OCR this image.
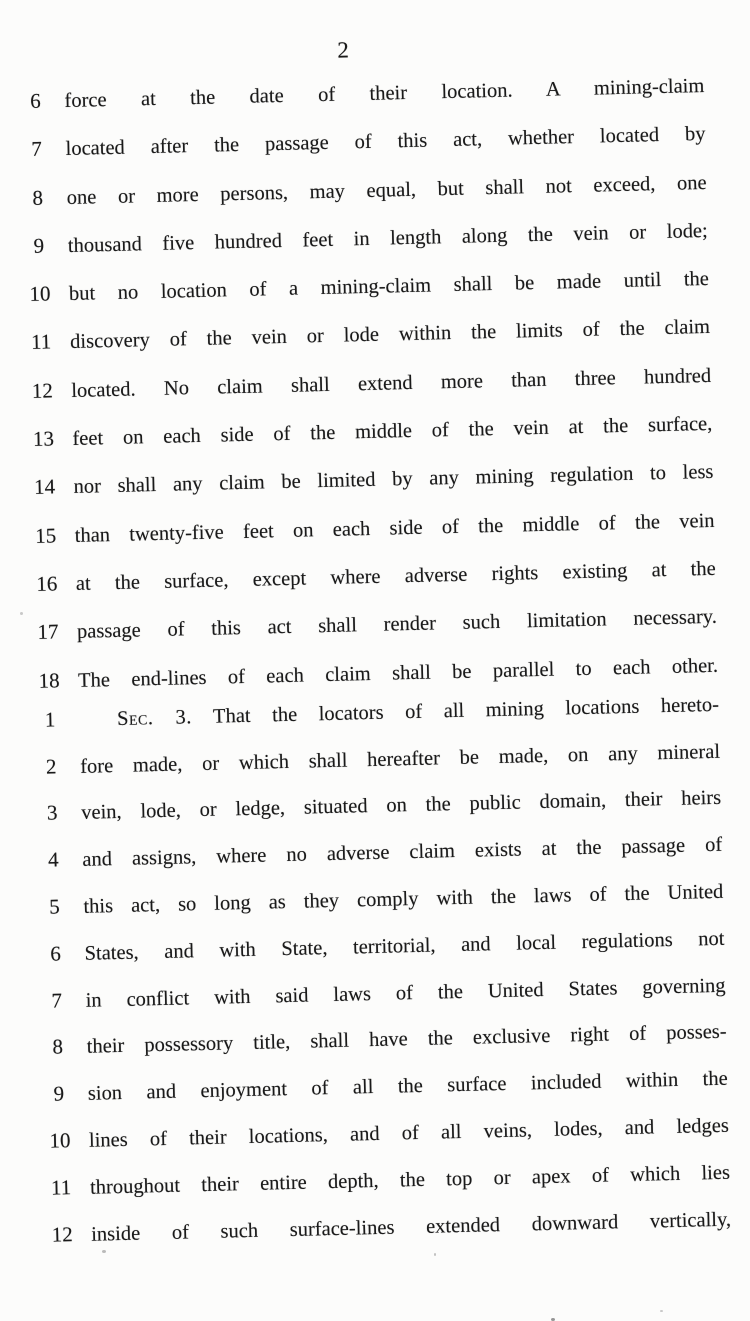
2
6	force at the date of their location. A mining-claim
7	located after the passage of this act, whether located by
8	one or more persons, may equal, but shall not exceed, one
9	thousand five hundred feet in length along the vein or lode;
10 but no location of a mining-claim shall be made until the
11 discovery of the vein or lode within the limits of the claim
12 located. No claim shall extend more than three hundred
13 feet on each side of the middle of the vein at the surface,
14 nor shall any claim be limited by any mining regulation to less
15 than twenty-five feet on each side of the middle of the vein
16 at the surface, except where adverse rights existing at the
17 passage of this act shall render such limitation necessary.
18 The end-lines of each claim shall be parallel to each other.
1	Sec. 3. That the locators of all mining locations hereto-
2	fore made, or which shall hereafter be made, on any mineral
3	vein, lode, or ledge, situated on the public domain, their heirs
4	and assigns, where no adverse claim exists at the passage of
5	this act, so long as they comply with the laws of the United
6	States, and with State, territorial, and local regulations not
7	in conflict with said laws of the United States governing
8	their possessory title, shall have the exclusive right of posses-
9	sion and enjoyment of all the surface included within the
10 lines of their locations, and of all veins, lodes, and ledges
11 throughout their entire depth, the top or apex of which lies
12 inside of such surface-lines extended downward vertically,
